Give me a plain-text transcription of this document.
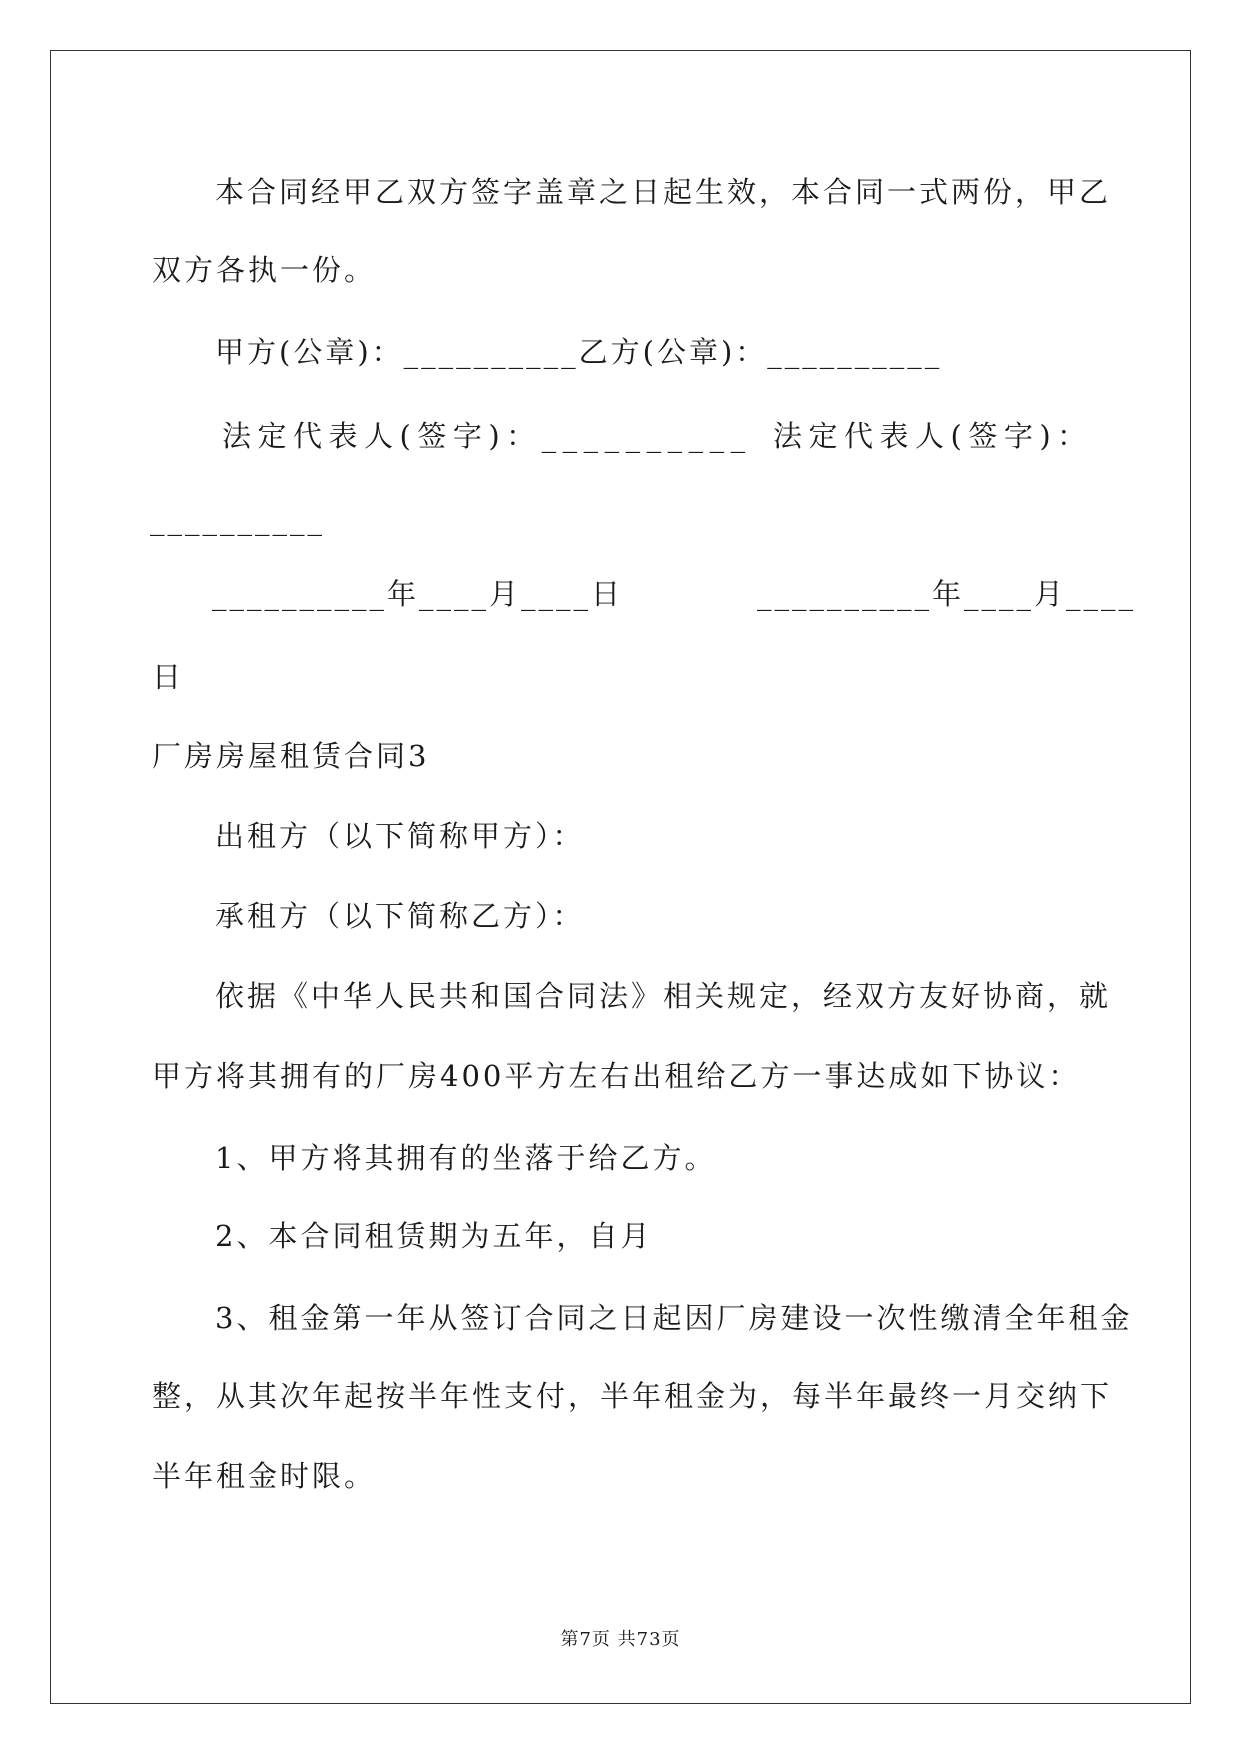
本合同经甲乙双方签字盖章之日起生效，本合同一式两份，甲乙
双方各执一份。
甲方(公章)：__________乙方(公章)：__________
法定代表人(签字)：__________ 法定代表人(签字)：
__________
__________年____月____日	__________年____月____
日
厂房房屋租赁合同3
出租方（以下简称甲方）：
承租方（以下简称乙方）：
依据《中华人民共和国合同法》相关规定，经双方友好协商，就
甲方将其拥有的厂房400平方左右出租给乙方一事达成如下协议：
1、甲方将其拥有的坐落于给乙方。
2、本合同租赁期为五年，自月
3、租金第一年从签订合同之日起因厂房建设一次性缴清全年租金
整，从其次年起按半年性支付，半年租金为，每半年最终一月交纳下
半年租金时限。
第7页 共73页
